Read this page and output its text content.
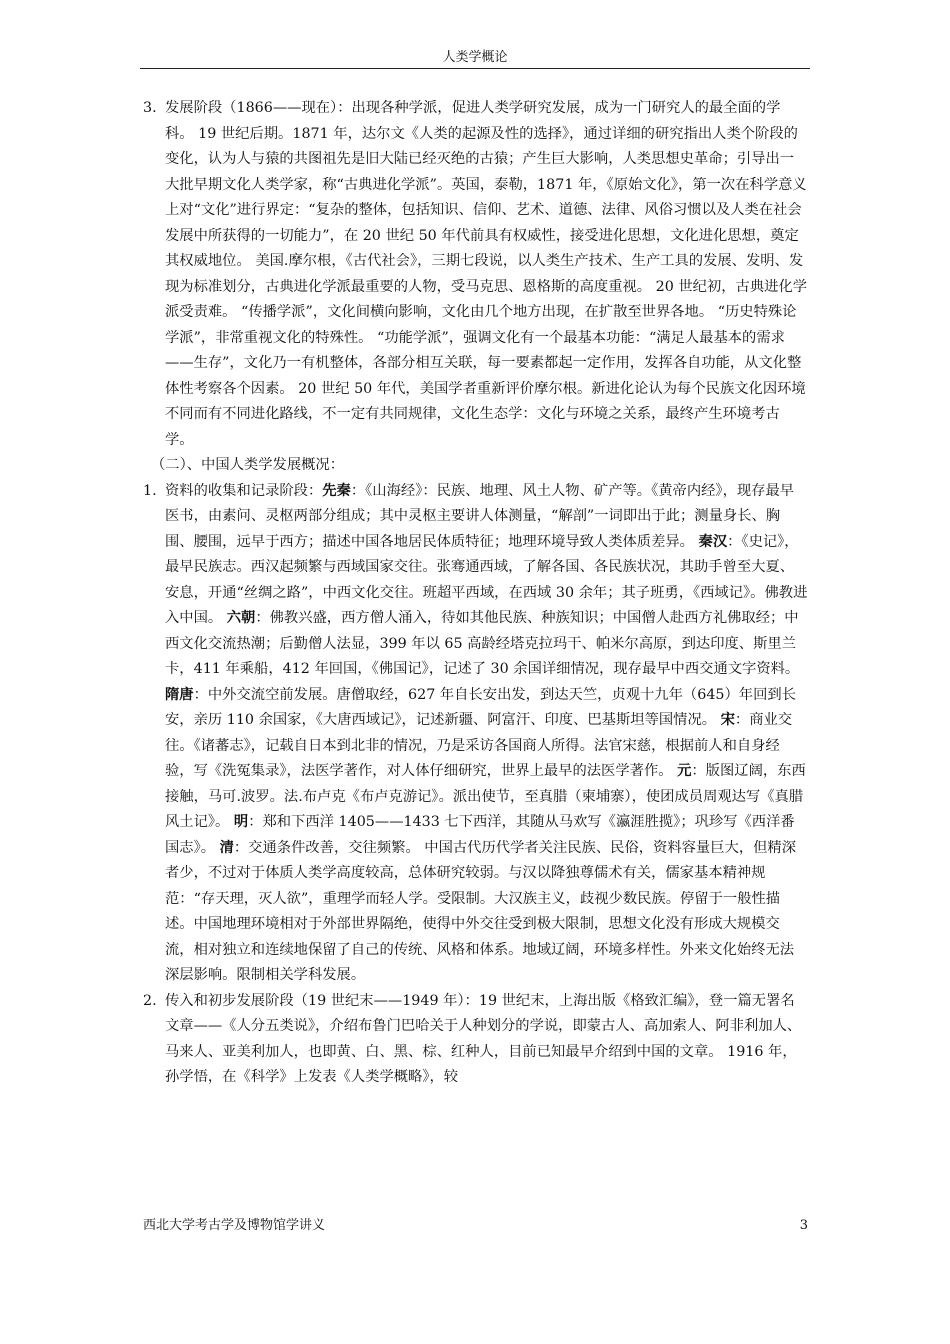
人类学概论

3. 发展阶段（1866——现在）：出现各种学派，促进人类学研究发展，成为一门研究人的最全面的学科。 19 世纪后期。1871 年，达尔文《人类的起源及性的选择》，通过详细的研究指出人类个阶段的变化，认为人与猿的共图祖先是旧大陆已经灭绝的古猿；产生巨大影响，人类思想史革命；引导出一大批早期文化人类学家，称“古典进化学派”。英国，泰勒，1871 年，《原始文化》，第一次在科学意义上对“文化”进行界定：“复杂的整体，包括知识、信仰、艺术、道德、法律、风俗习惯以及人类在社会发展中所获得的一切能力”，在 20 世纪 50 年代前具有权威性，接受进化思想，文化进化思想，奠定其权威地位。 美国.摩尔根，《古代社会》，三期七段说，以人类生产技术、生产工具的发展、发明、发现为标准划分，古典进化学派最重要的人物，受马克思、恩格斯的高度重视。 20 世纪初，古典进化学派受责难。 “传播学派”，文化间横向影响，文化由几个地方出现，在扩散至世界各地。 “历史特殊论学派”，非常重视文化的特殊性。 “功能学派”，强调文化有一个最基本功能：“满足人最基本的需求——生存”，文化乃一有机整体，各部分相互关联，每一要素都起一定作用，发挥各自功能，从文化整体性考察各个因素。 20 世纪 50 年代，美国学者重新评价摩尔根。新进化论认为每个民族文化因环境不同而有不同进化路线，不一定有共同规律，文化生态学：文化与环境之关系，最终产生环境考古学。

（二）、中国人类学发展概况：

1. 资料的收集和记录阶段：先秦：《山海经》：民族、地理、风土人物、矿产等。《黄帝内经》，现存最早医书，由素问、灵枢两部分组成；其中灵枢主要讲人体测量，“解剖”一词即出于此；测量身长、胸围、腰围，远早于西方；描述中国各地居民体质特征；地理环境导致人类体质差异。 秦汉：《史记》，最早民族志。西汉起频繁与西域国家交往。张骞通西域，了解各国、各民族状况，其助手曾至大夏、安息，开通“丝绸之路”，中西文化交往。班超平西域，在西域 30 余年；其子班勇，《西域记》。佛教进入中国。 六朝：佛教兴盛，西方僧人涌入，待如其他民族、种族知识；中国僧人赴西方礼佛取经；中西文化交流热潮；后勤僧人法显，399 年以 65 高龄经塔克拉玛干、帕米尔高原，到达印度、斯里兰卡，411 年乘船，412 年回国，《佛国记》，记述了 30 余国详细情况，现存最早中西交通文字资料。 隋唐：中外交流空前发展。唐僧取经，627 年自长安出发，到达天竺，贞观十九年（645）年回到长安，亲历 110 余国家，《大唐西域记》，记述新疆、阿富汗、印度、巴基斯坦等国情况。 宋：商业交往。《诸蕃志》，记载自日本到北非的情况，乃是采访各国商人所得。法官宋慈，根据前人和自身经验，写《洗冤集录》，法医学著作，对人体仔细研究，世界上最早的法医学著作。 元：版图辽阔，东西接触，马可.波罗。法.布卢克《布卢克游记》。派出使节，至真腊（柬埔寨），使团成员周观达写《真腊风土记》。 明：郑和下西洋 1405——1433 七下西洋，其随从马欢写《瀛涯胜揽》；巩珍写《西洋番国志》。 清：交通条件改善，交往频繁。 中国古代历代学者关注民族、民俗，资料容量巨大，但精深者少，不过对于体质人类学高度较高，总体研究较弱。与汉以降独尊儒术有关，儒家基本精神规范：“存天理，灭人欲”，重理学而轻人学。受限制。大汉族主义，歧视少数民族。停留于一般性描述。中国地理环境相对于外部世界隔绝，使得中外交往受到极大限制，思想文化没有形成大规模交流，相对独立和连续地保留了自己的传统、风格和体系。地域辽阔，环境多样性。外来文化始终无法深层影响。限制相关学科发展。

2. 传入和初步发展阶段（19 世纪末——1949 年）：19 世纪末，上海出版《格致汇编》，登一篇无署名文章——《人分五类说》，介绍布鲁门巴哈关于人种划分的学说，即蒙古人、高加索人、阿非利加人、马来人、亚美利加人，也即黄、白、黑、棕、红种人，目前已知最早介绍到中国的文章。 1916 年，孙学悟，在《科学》上发表《人类学概略》，较

西北大学考古学及博物馆学讲义	3
